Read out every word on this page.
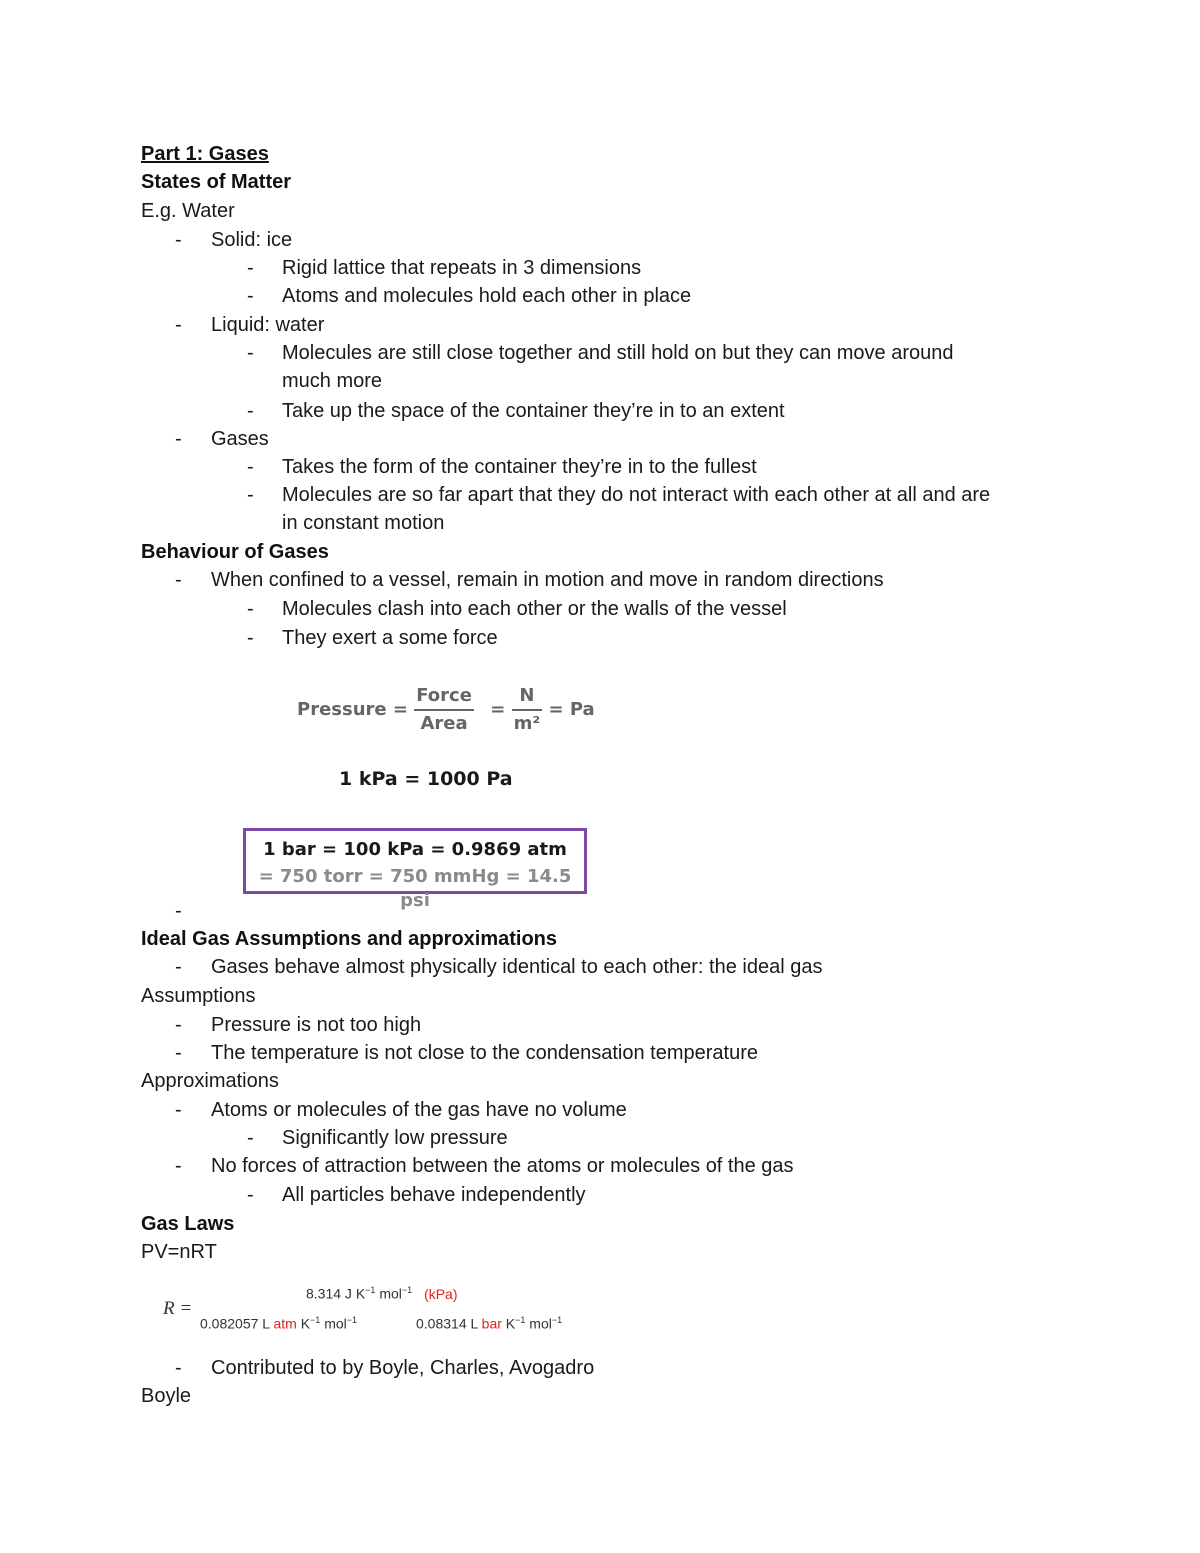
Part 1: Gases
States of Matter
E.g. Water
- Solid: ice
- Rigid lattice that repeats in 3 dimensions
- Atoms and molecules hold each other in place
- Liquid: water
- Molecules are still close together and still hold on but they can move around
much more
- Take up the space of the container they’re in to an extent
- Gases
- Takes the form of the container they’re in to the fullest
- Molecules are so far apart that they do not interact with each other at all and are
in constant motion
Behaviour of Gases
- When confined to a vessel, remain in motion and move in random directions
- Molecules clash into each other or the walls of the vessel
- They exert a some force
Pressure = $\frac{\text{Force}}{\text{Area}} = \frac{N}{\text{m²}} = Pa$
1 kPa = 1000 Pa
1 bar = 100 kPa = 0.9869 atm
= 750 torr = 750 mmHg = 14.5 psi
-
Ideal Gas Assumptions and approximations
- Gases behave almost physically identical to each other: the ideal gas
Assumptions
- Pressure is not too high
- The temperature is not close to the condensation temperature
Approximations
- Atoms or molecules of the gas have no volume
- Significantly low pressure
- No forces of attraction between the atoms or molecules of the gas
- All particles behave independently
Gas Laws
PV=nRT
R =
8.314 J $K^{-1}$ mol$^{-1}$ (kPa)
0.082057 L atm $K^{-1}$ mol$^{-1}$	0.08314 L bar $K^{-1}$ mol$^{-1}$
- Contributed to by Boyle, Charles, Avogadro
Boyle
